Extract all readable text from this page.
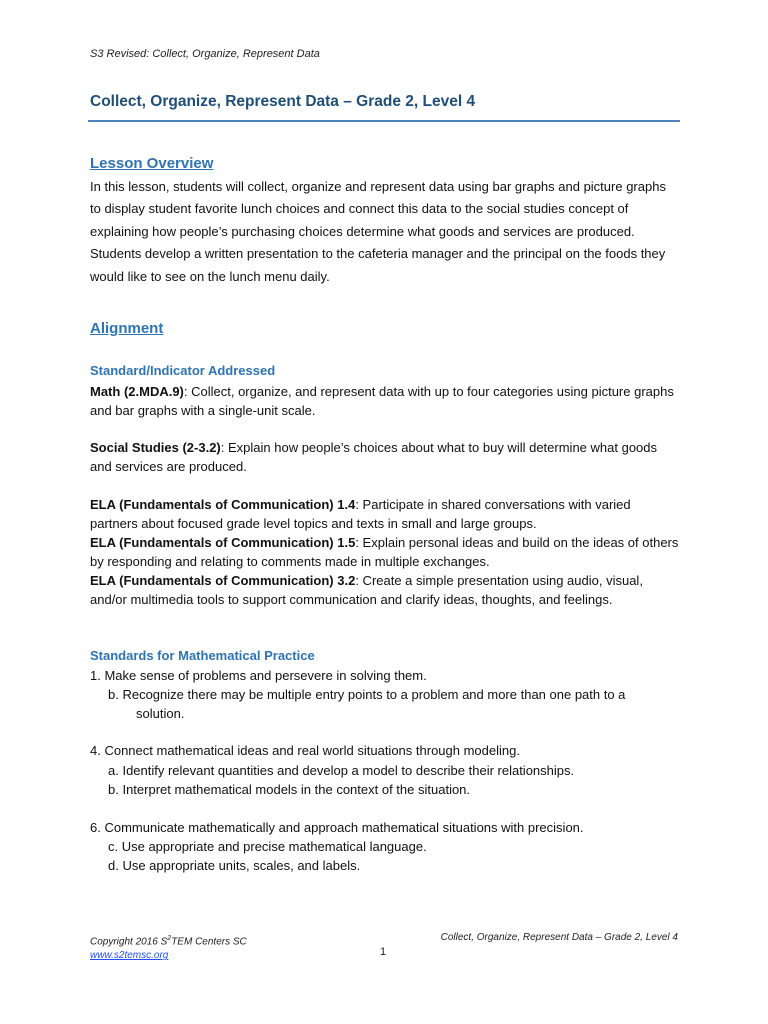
S3 Revised: Collect, Organize, Represent Data
Collect, Organize, Represent Data – Grade 2, Level 4
Lesson Overview
In this lesson, students will collect, organize and represent data using bar graphs and picture graphs to display student favorite lunch choices and connect this data to the social studies concept of explaining how people’s purchasing choices determine what goods and services are produced. Students develop a written presentation to the cafeteria manager and the principal on the foods they would like to see on the lunch menu daily.
Alignment
Standard/Indicator Addressed
Math (2.MDA.9): Collect, organize, and represent data with up to four categories using picture graphs and bar graphs with a single-unit scale.
Social Studies (2-3.2): Explain how people’s choices about what to buy will determine what goods and services are produced.
ELA (Fundamentals of Communication) 1.4: Participate in shared conversations with varied partners about focused grade level topics and texts in small and large groups.
ELA (Fundamentals of Communication) 1.5: Explain personal ideas and build on the ideas of others by responding and relating to comments made in multiple exchanges.
ELA (Fundamentals of Communication) 3.2: Create a simple presentation using audio, visual, and/or multimedia tools to support communication and clarify ideas, thoughts, and feelings.
Standards for Mathematical Practice
1. Make sense of problems and persevere in solving them.
b. Recognize there may be multiple entry points to a problem and more than one path to a
solution.
4. Connect mathematical ideas and real world situations through modeling.
a. Identify relevant quantities and develop a model to describe their relationships.
b. Interpret mathematical models in the context of the situation.
6. Communicate mathematically and approach mathematical situations with precision.
c. Use appropriate and precise mathematical language.
d. Use appropriate units, scales, and labels.
Copyright 2016 $S^2TEM$ Centers SC
www.s2temsc.org
Collect, Organize, Represent Data – Grade 2, Level 4
1
